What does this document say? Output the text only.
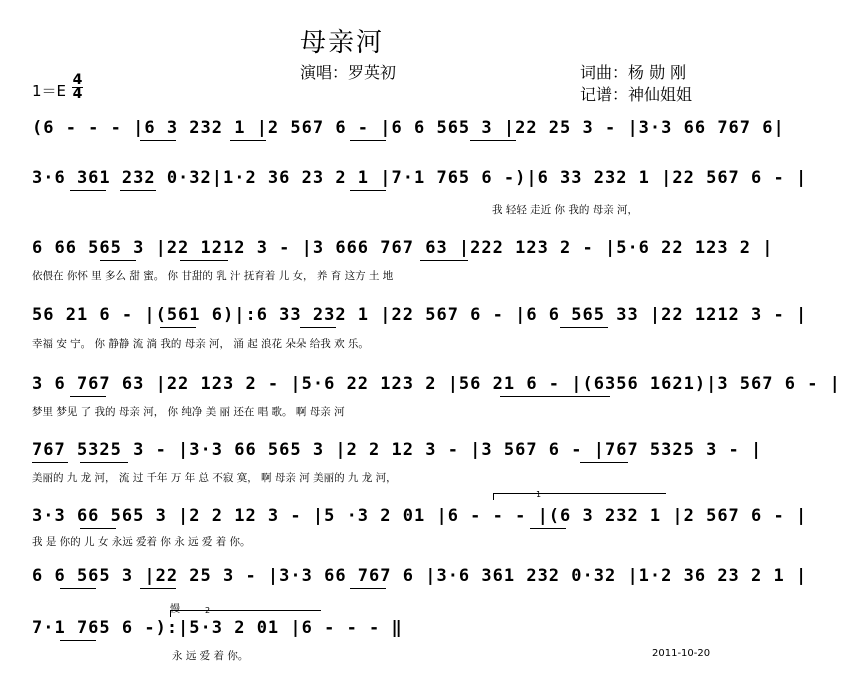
母亲河
演唱：罗英初	词曲：杨 勋 刚
记谱：神仙姐姐
1＝E
4
4
(6 - - - |6 3 232 1 |2 567 6 - |6 6 565 3 |22 25 3 - |3·3 66 767 6|
3·6 361 232 0·32|1·2 36 23 2 1 |7·1 765 6 -)|6 33 232 1 |22 567 6 - |
我 轻轻 走近 你 我的 母亲 河，
6 66 565 3 |22 1212 3 - |3 666 767 63 |222 123 2 - |5·6 22 123 2 |
依偎在 你怀 里 多么 甜 蜜。 你 甘甜的 乳 汁 抚育着 儿 女， 养 育 这方 土 地
56 21 6 - |(561 6)|:6 33 232 1 |22 567 6 - |6 6 565 33 |22 1212 3 - |
幸福 安 宁。 你 静静 流 淌 我的 母亲 河， 涌 起 浪花 朵朵 给我 欢 乐。
3 6 767 63 |22 123 2 - |5·6 22 123 2 |56 21 6 - |(6356 1621)|3 567 6 - |
梦里 梦见 了 我的 母亲 河， 你 纯净 美 丽 还在 唱 歌。 啊 母亲 河
767 5325 3 - |3·3 66 565 3 |2 2 12 3 - |3 567 6 - |767 5325 3 - |
美丽的 九 龙 河， 流 过 千年 万 年 总 不寂 寞， 啊 母亲 河 美丽的 九 龙 河，
1
3·3 66 565 3 |2 2 12 3 - |5 ·3 2 01 |6 - - - |(6 3 232 1 |2 567 6 - |
我 是 你的 儿 女 永远 爱着 你 永 远 爱 着 你。
6 6 565 3 |22 25 3 - |3·3 66 767 6 |3·6 361 232 0·32 |1·2 36 23 2 1 |
慢	2
7·1 765 6 -):|5·3 2 01 |6 - - - ‖
永 远 爱 着 你。	2011-10-20
